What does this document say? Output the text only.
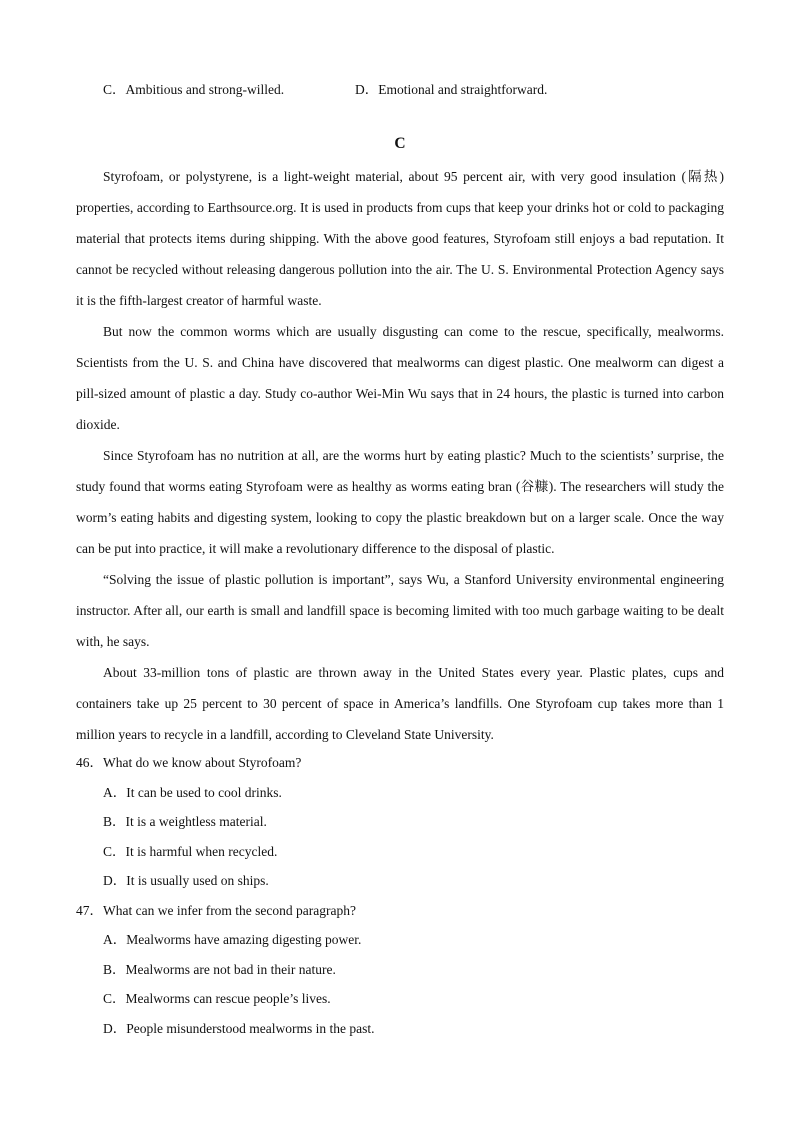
C．Ambitious and strong-willed.	D．Emotional and straightforward.
C

Styrofoam, or polystyrene, is a light-weight material, about 95 percent air, with very good insulation (隔热) properties, according to Earthsource.org. It is used in products from cups that keep your drinks hot or cold to packaging material that protects items during shipping. With the above good features, Styrofoam still enjoys a bad reputation. It cannot be recycled without releasing dangerous pollution into the air. The U. S. Environmental Protection Agency says it is the fifth-largest creator of harmful waste.

But now the common worms which are usually disgusting can come to the rescue, specifically, mealworms. Scientists from the U. S. and China have discovered that mealworms can digest plastic. One mealworm can digest a pill-sized amount of plastic a day. Study co-author Wei-Min Wu says that in 24 hours, the plastic is turned into carbon dioxide.

Since Styrofoam has no nutrition at all, are the worms hurt by eating plastic? Much to the scientists’ surprise, the study found that worms eating Styrofoam were as healthy as worms eating bran (谷糠). The researchers will study the worm’s eating habits and digesting system, looking to copy the plastic breakdown but on a larger scale. Once the way can be put into practice, it will make a revolutionary difference to the disposal of plastic.

“Solving the issue of plastic pollution is important”, says Wu, a Stanford University environmental engineering instructor. After all, our earth is small and landfill space is becoming limited with too much garbage waiting to be dealt with, he says.

About 33-million tons of plastic are thrown away in the United States every year. Plastic plates, cups and containers take up 25 percent to 30 percent of space in America’s landfills. One Styrofoam cup takes more than 1 million years to recycle in a landfill, according to Cleveland State University.

46．What do we know about Styrofoam?

A．It can be used to cool drinks.

B．It is a weightless material.

C．It is harmful when recycled.

D．It is usually used on ships.

47．What can we infer from the second paragraph?

A．Mealworms have amazing digesting power.

B．Mealworms are not bad in their nature.

C．Mealworms can rescue people’s lives.

D．People misunderstood mealworms in the past.
